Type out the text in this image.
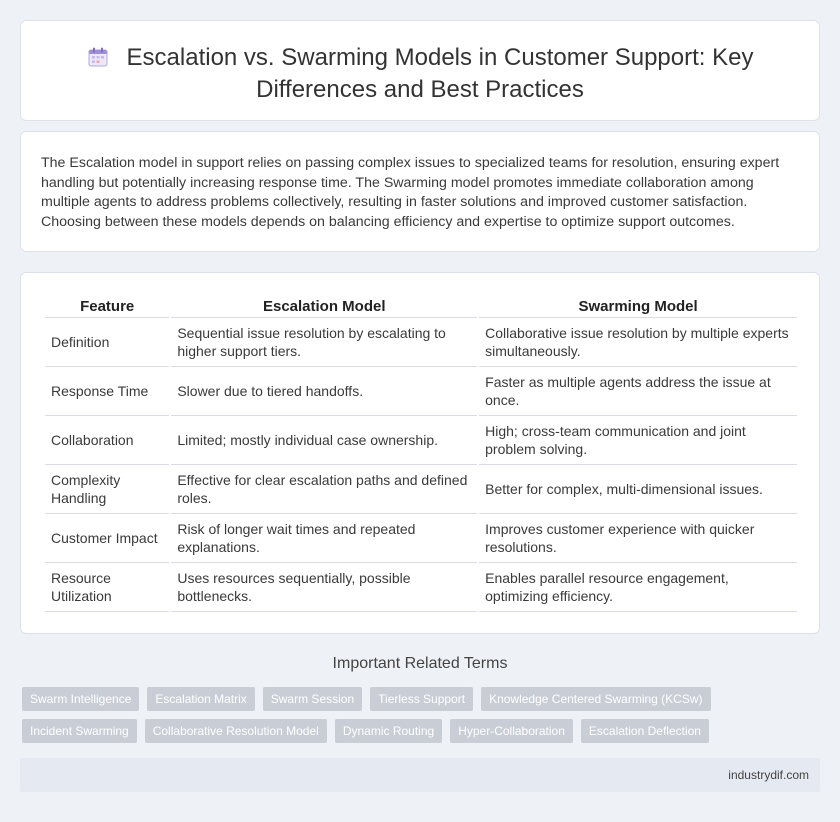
Escalation vs. Swarming Models in Customer Support: Key
Differences and Best Practices

The Escalation model in support relies on passing complex issues to specialized teams for resolution, ensuring expert handling but potentially increasing response time. The Swarming model promotes immediate collaboration among multiple agents to address problems collectively, resulting in faster solutions and improved customer satisfaction. Choosing between these models depends on balancing efficiency and expertise to optimize support outcomes.

Feature	Escalation Model	Swarming Model
Definition	Sequential issue resolution by escalating to higher support tiers.	Collaborative issue resolution by multiple experts simultaneously.
Response Time	Slower due to tiered handoffs.	Faster as multiple agents address the issue at once.
Collaboration	Limited; mostly individual case ownership.	High; cross-team communication and joint problem solving.
Complexity Handling	Effective for clear escalation paths and defined roles.	Better for complex, multi-dimensional issues.
Customer Impact	Risk of longer wait times and repeated explanations.	Improves customer experience with quicker resolutions.
Resource Utilization	Uses resources sequentially, possible bottlenecks.	Enables parallel resource engagement, optimizing efficiency.
Important Related Terms
Swarm Intelligence	Escalation Matrix	Swarm Session	Tierless Support	Knowledge Centered Swarming (KCSw)
Incident Swarming	Collaborative Resolution Model	Dynamic Routing	Hyper-Collaboration	Escalation Deflection
industrydif.com
